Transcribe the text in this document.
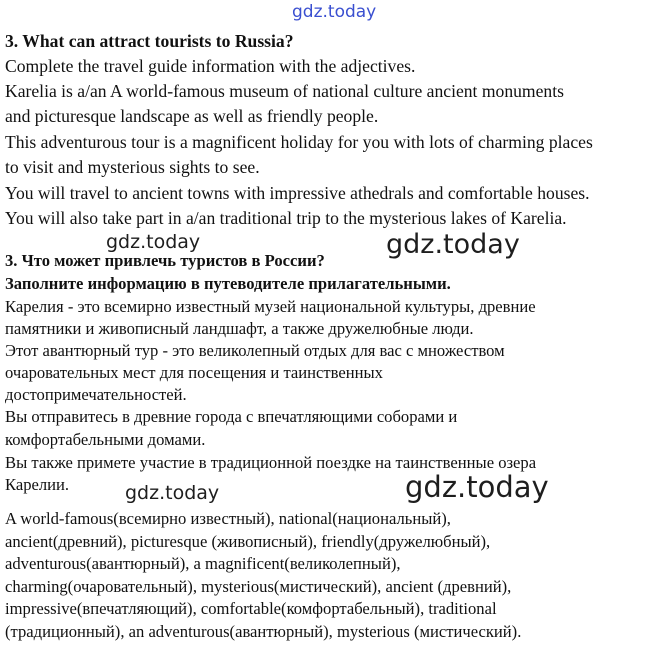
gdz.today
gdz.today	gdz.today
gdz.today	gdz.today
3. What can attract tourists to Russia?
Complete the travel guide information with the adjectives.
Karelia is a/an A world-famous museum of national culture ancient monuments
and picturesque landscape as well as friendly people.
This adventurous tour is a magnificent holiday for you with lots of charming places
to visit and mysterious sights to see.
You will travel to ancient towns with impressive athedrals and comfortable houses.
You will also take part in a/an traditional trip to the mysterious lakes of Karelia.
3. Что может привлечь туристов в России?
Заполните информацию в путеводителе прилагательными.
Карелия - это всемирно известный музей национальной культуры, древние
памятники и живописный ландшафт, а также дружелюбные люди.
Этот авантюрный тур - это великолепный отдых для вас с множеством
очаровательных мест для посещения и таинственных
достопримечательностей.
Вы отправитесь в древние города с впечатляющими соборами и
комфортабельными домами.
Вы также примете участие в традиционной поездке на таинственные озера
Карелии.
A world-famous(всемирно известный), national(национальный),
ancient(древний), picturesque (живописный), friendly(дружелюбный),
adventurous(авантюрный), a magnificent(великолепный),
charming(очаровательный), mysterious(мистический), ancient (древний),
impressive(впечатляющий), comfortable(комфортабельный), traditional
(традиционный), an adventurous(авантюрный), mysterious (мистический).
